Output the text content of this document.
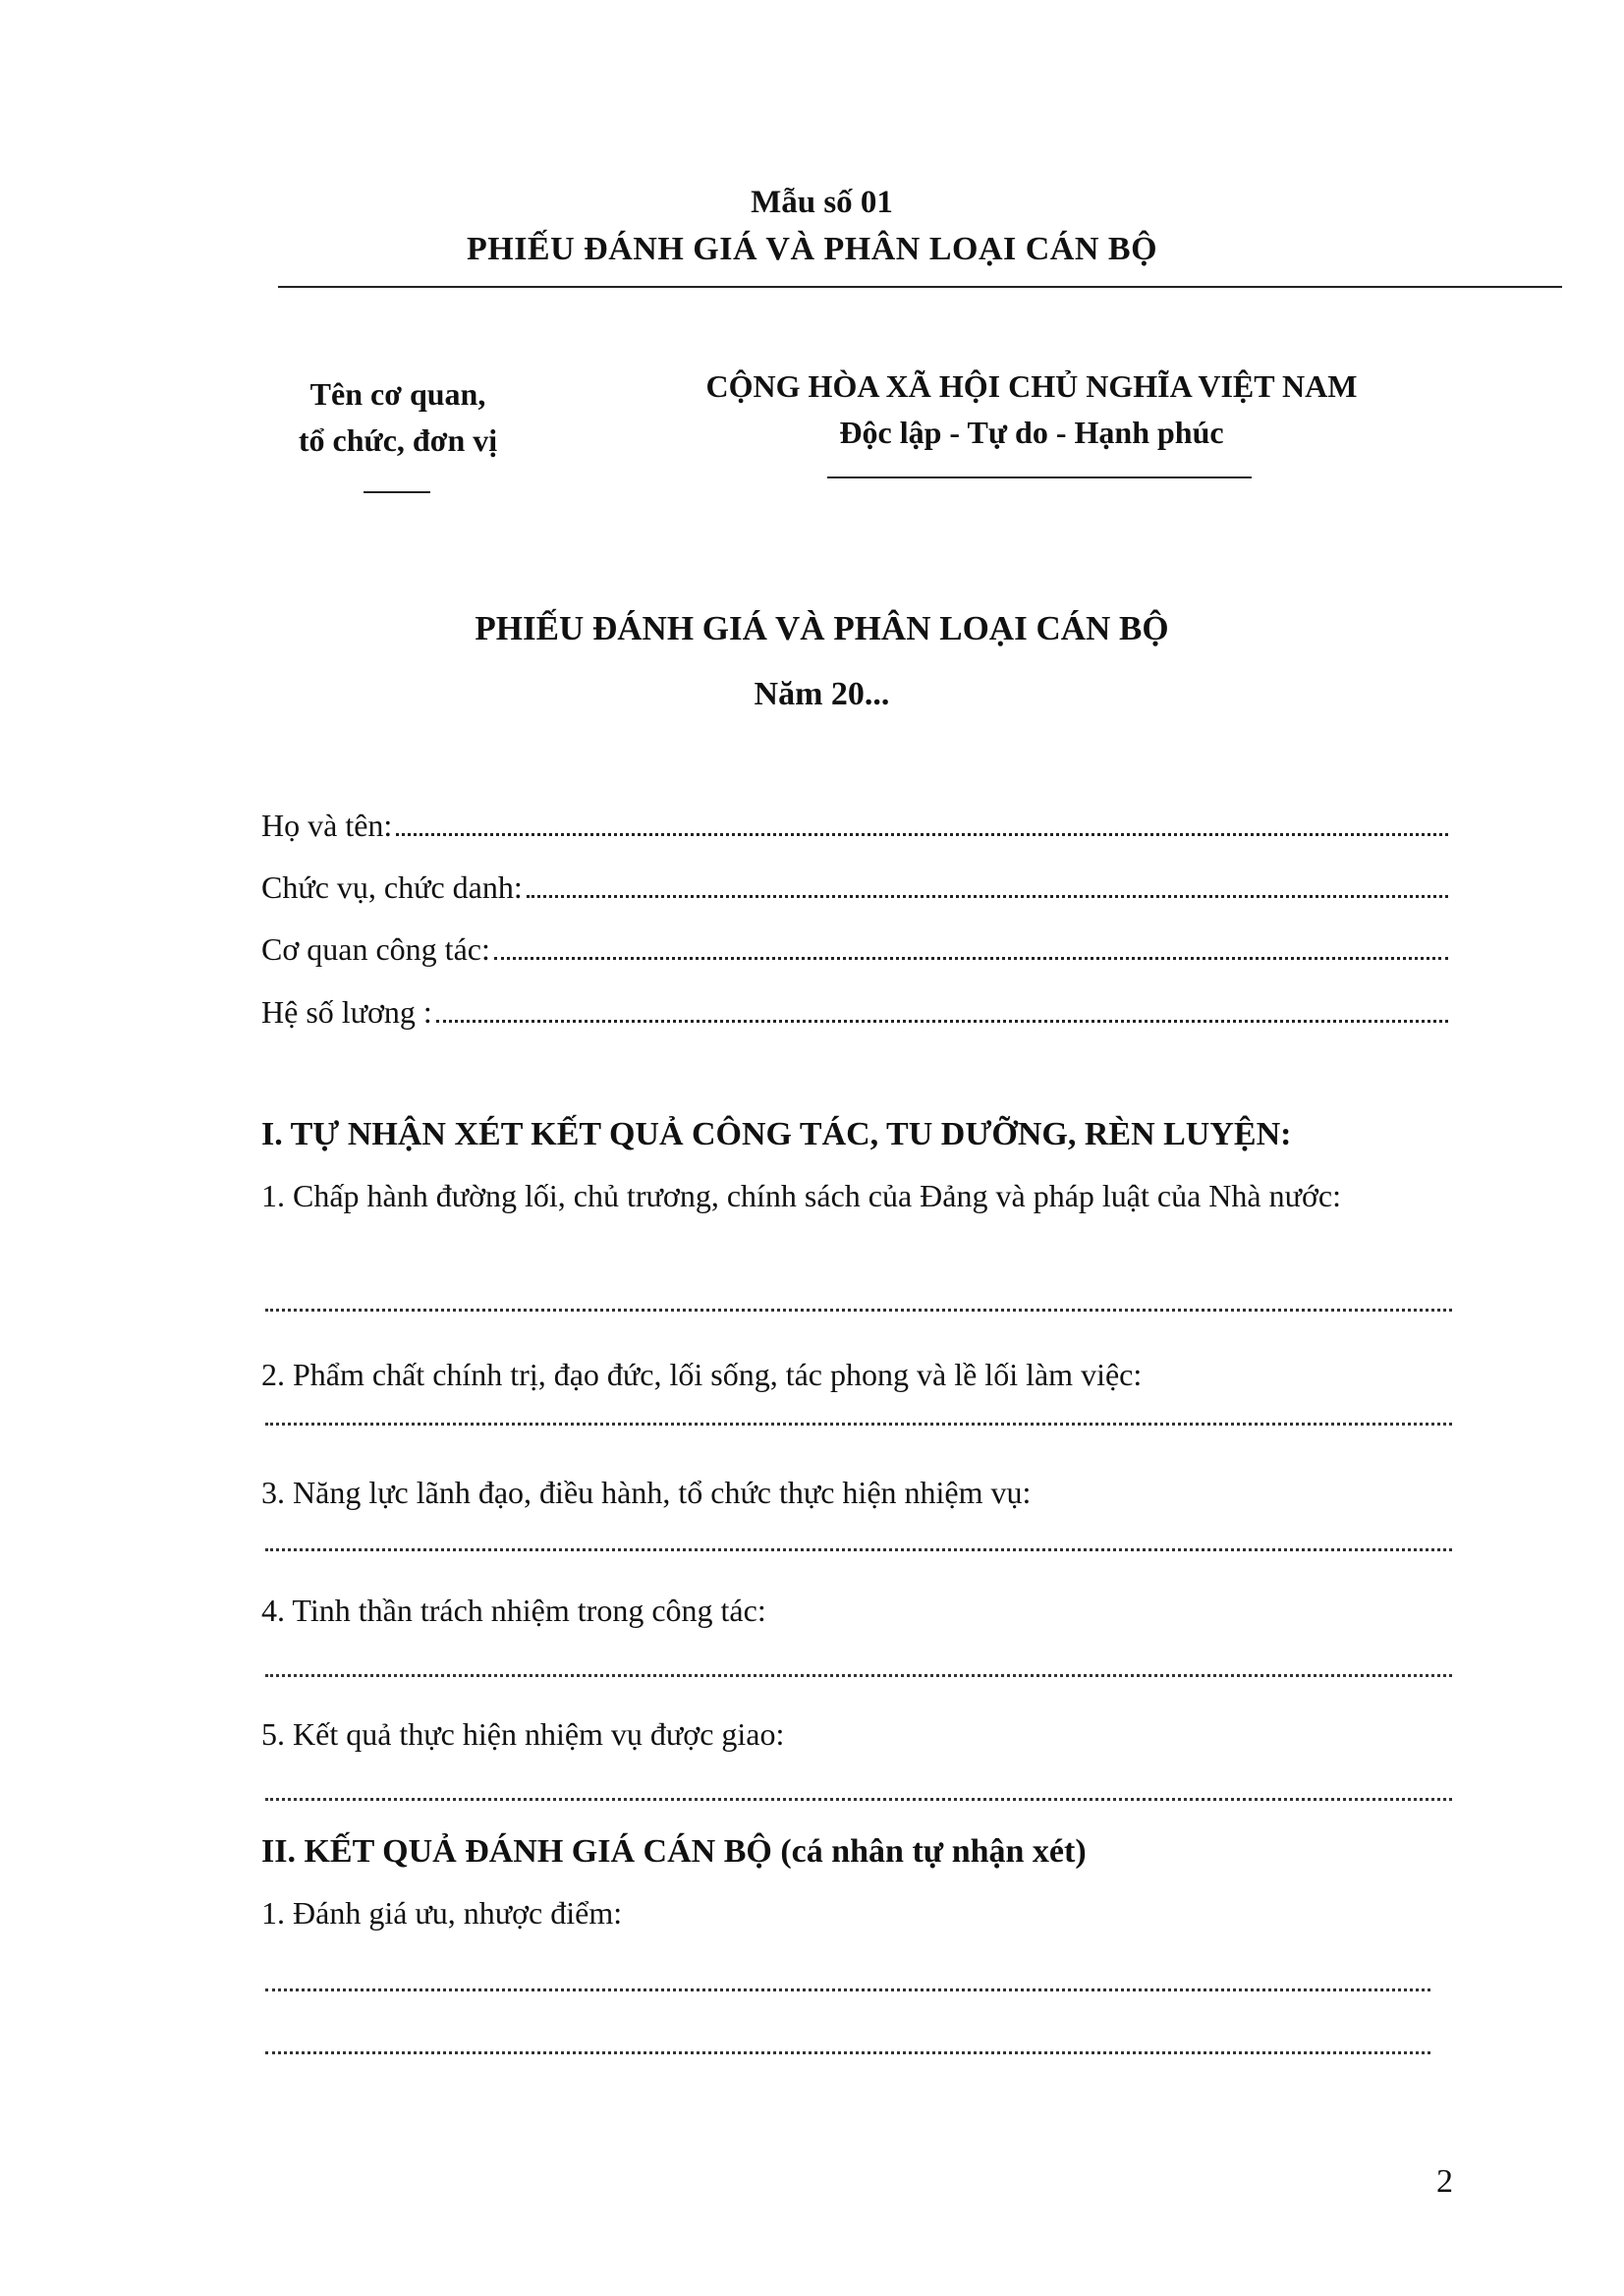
Mẫu số 01
PHIẾU ĐÁNH GIÁ VÀ PHÂN LOẠI CÁN BỘ
Tên cơ quan,
tổ chức, đơn vị
CỘNG HÒA XÃ HỘI CHỦ NGHĨA VIỆT NAM
Độc lập - Tự do - Hạnh phúc
PHIẾU ĐÁNH GIÁ VÀ PHÂN LOẠI CÁN BỘ
Năm 20...
Họ và tên:
Chức vụ, chức danh:
Cơ quan công tác:
Hệ số lương :
I. TỰ NHẬN XÉT KẾT QUẢ CÔNG TÁC, TU DƯỠNG, RÈN LUYỆN:
1. Chấp hành đường lối, chủ trương, chính sách của Đảng và pháp luật của Nhà nước:
2. Phẩm chất chính trị, đạo đức, lối sống, tác phong và lề lối làm việc:
3. Năng lực lãnh đạo, điều hành, tổ chức thực hiện nhiệm vụ:
4. Tinh thần trách nhiệm trong công tác:
5. Kết quả thực hiện nhiệm vụ được giao:
II. KẾT QUẢ ĐÁNH GIÁ CÁN BỘ (cá nhân tự nhận xét)
1. Đánh giá ưu, nhược điểm:
2
